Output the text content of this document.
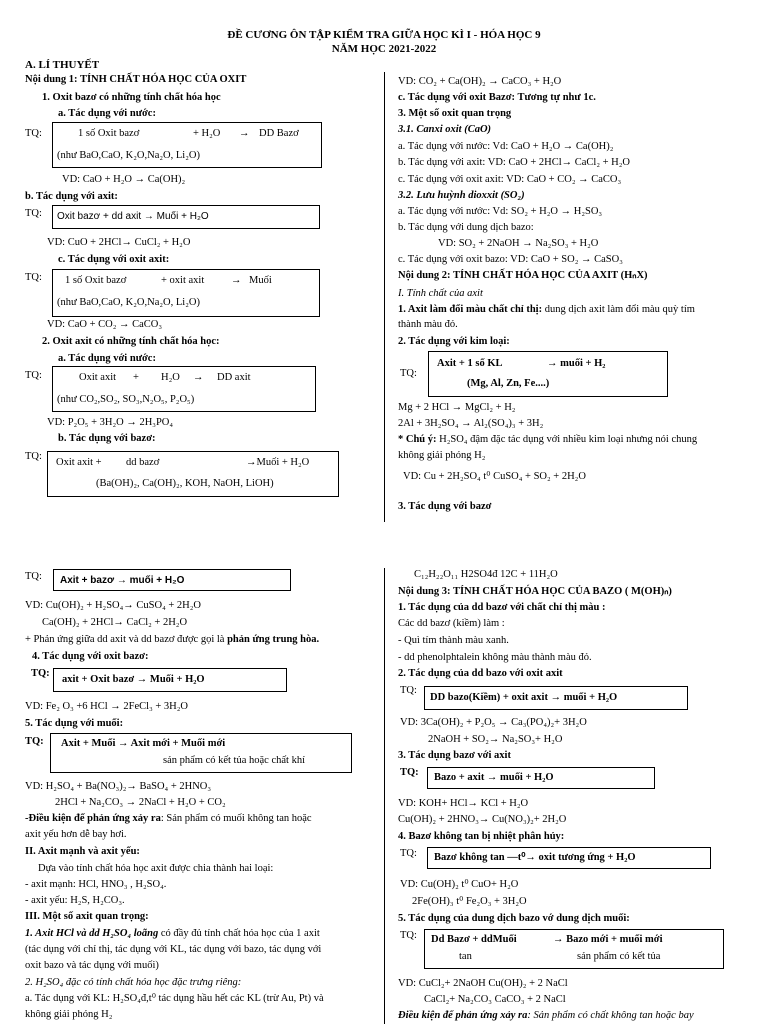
ĐỀ CƯƠNG ÔN TẬP KIỂM TRA GIỮA HỌC KÌ I - HÓA HỌC 9
NĂM HỌC 2021-2022
A. LÍ THUYẾT
Nội dung 1: TÍNH CHẤT HÓA HỌC CỦA OXIT
1. Oxit bazơ có những tính chất hóa học
a. Tác dụng với nước:
TQ:	1 số Oxit bazơ	+ H₂O → DD Bazơ
(như BaO,CaO, K₂O,Na₂O, Li₂O)
VD: CaO + H₂O → Ca(OH)₂
b. Tác dụng với axit:
TQ: Oxit bazơ + dd axit → Muối + H₂O
VD: CuO + 2HCl→ CuCl₂ + H₂O
c. Tác dụng với oxit axit:
TQ: 1 số Oxit bazơ	+ oxit axit	→ Muối
(như BaO,CaO, K₂O,Na₂O, Li₂O)
VD: CaO + CO₂ → CaCO₃
2. Oxit axit có những tính chất hóa học:
a. Tác dụng với nước:
TQ:	Oxit axit + H₂O → DD axit
(như CO₂,SO₂, SO₃,N₂O₅, P₂O₅)
VD: P₂O₅ + 3H₂O → 2H₃PO₄
b. Tác dụng với bazơ:
TQ:
Oxit axit + dd bazơ	→Muối + H₂O
(Ba(OH)₂, Ca(OH)₂, KOH, NaOH, LiOH)
VD: CO₂ + Ca(OH)₂ → CaCO₃ + H₂O
c. Tác dụng với oxit Bazơ: Tương tự như 1c.
3. Một số oxit quan trọng
3.1. Canxi oxit (CaO)
a. Tác dụng với nước: Vd: CaO + H₂O → Ca(OH)₂
b. Tác dụng với axit: VD: CaO + 2HCl→ CaCl₂ + H₂O
c. Tác dụng với oxit axit: VD: CaO + CO₂ → CaCO₃
3.2. Lưu huỳnh dioxxit (SO₂)
a. Tác dụng với nước: Vd: SO₂ + H₂O → H₂SO₃
b. Tác dụng với dung dịch bazo:
VD: SO₂ + 2NaOH → Na₂SO₃ + H₂O
c. Tác dụng với oxit bazo: VD: CaO + SO₂ → CaSO₃
Nội dung 2: TÍNH CHẤT HÓA HỌC CỦA AXIT (HₙX)
I. Tính chất của axit
1. Axit làm đổi màu chất chỉ thị: dung dịch axit làm đổi màu quỳ tím
thành màu đỏ.
2. Tác dụng với kim loại:
TQ:
Axit + 1 số KL	→ muối + H₂
(Mg, Al, Zn, Fe....)
Mg + 2 HCl → MgCl₂ + H₂
2Al + 3H₂SO₄ → Al₂(SO₄)₃ + 3H₂
* Chú ý: H₂SO₄ đậm đặc tác dụng với nhiều kim loại nhưng nói chung
không giải phóng H₂
VD: Cu + 2H₂SO₄ t⁰ CuSO₄ + SO₂ + 2H₂O
3. Tác dụng với bazơ
TQ: Axit + bazơ → muối + H₂O
VD: Cu(OH)₂ + H₂SO₄→ CuSO₄ + 2H₂O
Ca(OH)₂ + 2HCl→ CaCl₂ + 2H₂O
+ Phản ứng giữa dd axit và dd bazơ được gọi là phản ứng trung hòa.
4. Tác dụng với oxit bazơ:
TQ:
axit + Oxit bazơ → Muối + H₂O
VD: Fe₂ O₃ +6 HCl → 2FeCl₃ + 3H₂O
5. Tác dụng với muối:
TQ: Axit + Muối → Axit mới + Muối mới
sản phẩm có kết tủa hoặc chất khí
VD: H₂SO₄ + Ba(NO₃)₂→ BaSO₄ + 2HNO₃
2HCl + Na₂CO₃ → 2NaCl + H₂O + CO₂
-Điều kiện để phản ứng xảy ra: Sản phẩm có muối không tan hoặc
axit yếu hơn dễ bay hơi.
II. Axit mạnh và axit yếu:
Dựa vào tính chất hóa học axit được chia thành hai loại:
- axit mạnh: HCl, HNO₃ , H₂SO₄.
- axit yếu: H₂S, H₂CO₃.
III. Một số axit quan trọng:
1. Axit HCl và dd H₂SO₄ loãng có đầy đủ tính chất hóa học của 1 axit
(tác dụng với chỉ thị, tác dụng với KL, tác dụng với bazo, tác dụng với
oxit bazo và tác dụng với muối)
2. H₂SO₄ đặc có tính chất hóa học đặc trưng riêng:
a. Tác dụng với KL: H₂SO₄đ,t⁰ tác dụng hầu hết các KL (trừ Au, Pt) và
không giải phóng H₂
C₁₂H₂₂O₁₁ H2SO4đ 12C + 11H₂O
Nội dung 3: TÍNH CHẤT HÓA HỌC CỦA BAZO ( M(OH)ₙ)
1. Tác dụng của dd bazơ với chất chỉ thị màu :
Các dd bazơ (kiềm) làm :
- Quì tím thành màu xanh.
- dd phenolphtalein không màu thành màu đỏ.
2. Tác dụng của dd bazo với oxit axit
TQ:
DD bazo(Kiềm) + oxit axit → muối + H₂O
VD: 3Ca(OH)₂ + P₂O₅ → Ca₃(PO₄)₂+ 3H₂O
2NaOH + SO₂→ Na₂SO₃+ H₂O
3. Tác dụng bazơ với axit
TQ: Bazo + axit → muối + H₂O
VD: KOH+ HCl→ KCl + H₂O
Cu(OH)₂ + 2HNO₃→ Cu(NO₃)₂+ 2H₂O
4. Bazơ không tan bị nhiệt phân hủy:
TQ: Bazơ không tan —t⁰→ oxit tương ứng + H₂O
VD: Cu(OH)₂ t⁰ CuO+ H₂O
2Fe(OH)₃ t⁰ Fe₂O₃ + 3H₂O
5. Tác dụng của dung dịch bazo vớ dung dịch muối:
TQ: Dd Bazơ + ddMuối	→ Bazo mới + muối mới
tan	sản phẩm có kết tủa
VD: CuCl₂+ 2NaOH Cu(OH)₂ + 2 NaCl
CaCl₂+ Na₂CO₃ CaCO₃ + 2 NaCl
Điều kiện để phản ứng xảy ra: Sản phẩm có chất không tan hoặc bay
